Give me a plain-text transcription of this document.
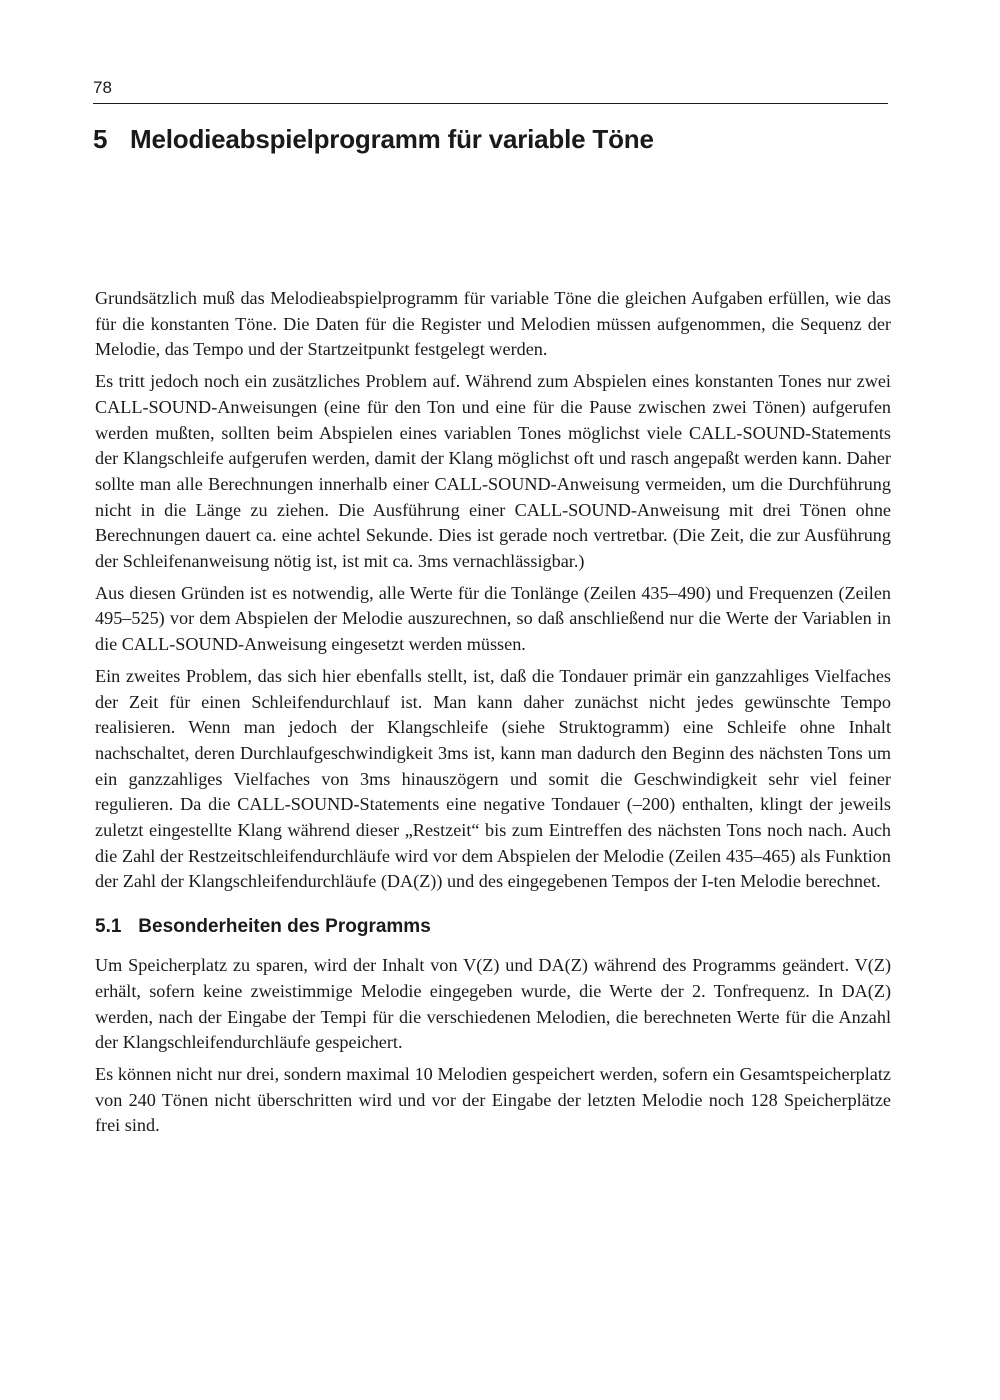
78
5 Melodieabspielprogramm für variable Töne

Grundsätzlich muß das Melodieabspielprogramm für variable Töne die gleichen Aufgaben erfüllen, wie das für die konstanten Töne. Die Daten für die Register und Melodien müssen aufgenommen, die Sequenz der Melodie, das Tempo und der Startzeitpunkt festgelegt werden.

Es tritt jedoch noch ein zusätzliches Problem auf. Während zum Abspielen eines konstanten Tones nur zwei CALL-SOUND-Anweisungen (eine für den Ton und eine für die Pause zwischen zwei Tönen) aufgerufen werden mußten, sollten beim Abspielen eines variablen Tones möglichst viele CALL-SOUND-Statements der Klangschleife aufgerufen werden, damit der Klang möglichst oft und rasch angepaßt werden kann. Daher sollte man alle Berechnungen innerhalb einer CALL-SOUND-Anweisung vermeiden, um die Durchführung nicht in die Länge zu ziehen. Die Ausführung einer CALL-SOUND-Anweisung mit drei Tönen ohne Berechnungen dauert ca. eine achtel Sekunde. Dies ist gerade noch vertretbar. (Die Zeit, die zur Ausführung der Schleifenanweisung nötig ist, ist mit ca. 3ms vernachlässigbar.)

Aus diesen Gründen ist es notwendig, alle Werte für die Tonlänge (Zeilen 435–490) und Frequenzen (Zeilen 495–525) vor dem Abspielen der Melodie auszurechnen, so daß anschließend nur die Werte der Variablen in die CALL-SOUND-Anweisung eingesetzt werden müssen.

Ein zweites Problem, das sich hier ebenfalls stellt, ist, daß die Tondauer primär ein ganzzahliges Vielfaches der Zeit für einen Schleifendurchlauf ist. Man kann daher zunächst nicht jedes gewünschte Tempo realisieren. Wenn man jedoch der Klangschleife (siehe Struktogramm) eine Schleife ohne Inhalt nachschaltet, deren Durchlaufgeschwindigkeit 3ms ist, kann man dadurch den Beginn des nächsten Tons um ein ganzzahliges Vielfaches von 3ms hinauszögern und somit die Geschwindigkeit sehr viel feiner regulieren. Da die CALL-SOUND-Statements eine negative Tondauer (–200) enthalten, klingt der jeweils zuletzt eingestellte Klang während dieser „Restzeit“ bis zum Eintreffen des nächsten Tons noch nach. Auch die Zahl der Restzeitschleifendurchläufe wird vor dem Abspielen der Melodie (Zeilen 435–465) als Funktion der Zahl der Klangschleifendurchläufe (DA(Z)) und des eingegebenen Tempos der I-ten Melodie berechnet.

5.1 Besonderheiten des Programms

Um Speicherplatz zu sparen, wird der Inhalt von V(Z) und DA(Z) während des Programms geändert. V(Z) erhält, sofern keine zweistimmige Melodie eingegeben wurde, die Werte der 2. Tonfrequenz. In DA(Z) werden, nach der Eingabe der Tempi für die verschiedenen Melodien, die berechneten Werte für die Anzahl der Klangschleifendurchläufe gespeichert.

Es können nicht nur drei, sondern maximal 10 Melodien gespeichert werden, sofern ein Gesamtspeicherplatz von 240 Tönen nicht überschritten wird und vor der Eingabe der letzten Melodie noch 128 Speicherplätze frei sind.
